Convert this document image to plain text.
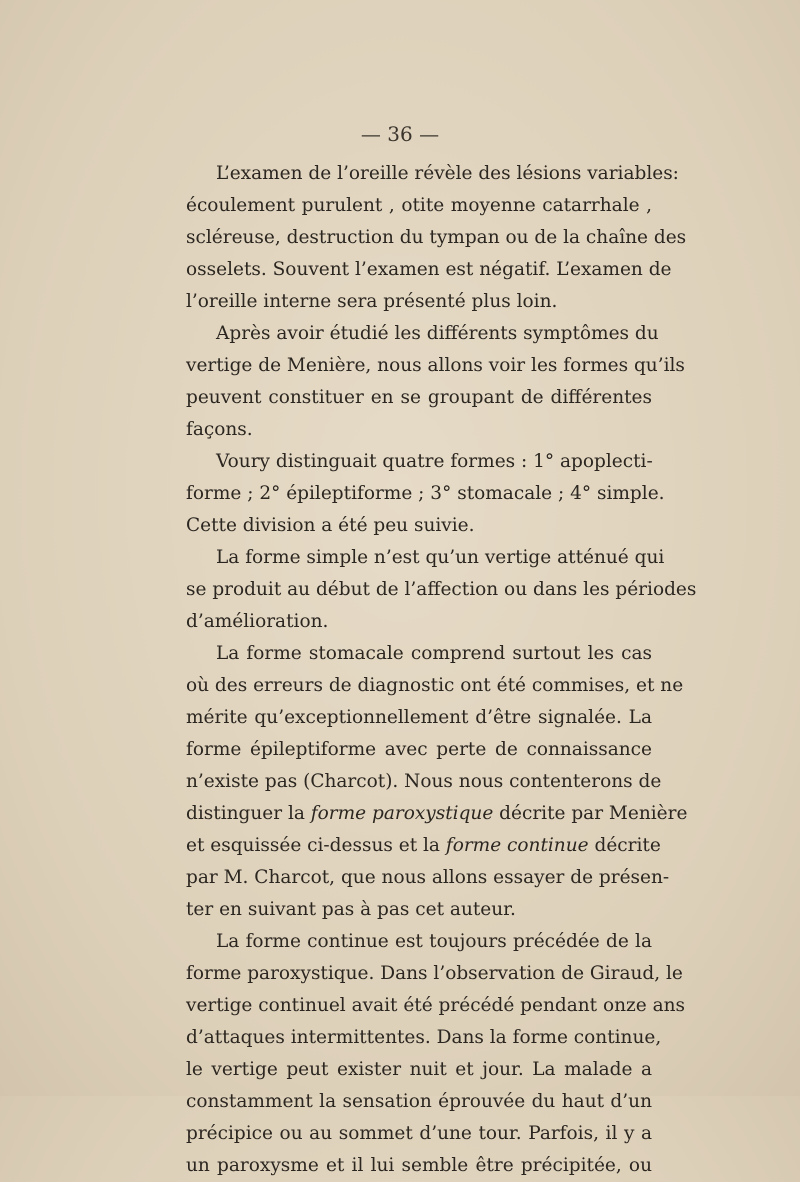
— 36 —
L’examen de l’oreille révèle des lésions variables:
écoulement purulent , otite moyenne catarrhale ,
scléreuse, destruction du tympan ou de la chaîne des
osselets. Souvent l’examen est négatif. L’examen de
l’oreille interne sera présenté plus loin.
Après avoir étudié les différents symptômes du
vertige de Menière, nous allons voir les formes qu’ils
peuvent constituer en se groupant de différentes
façons.
Voury distinguait quatre formes : 1° apoplecti-
forme ; 2° épileptiforme ; 3° stomacale ; 4° simple.
Cette division a été peu suivie.
La forme simple n’est qu’un vertige atténué qui
se produit au début de l’affection ou dans les périodes
d’amélioration.
La forme stomacale comprend surtout les cas
où des erreurs de diagnostic ont été commises, et ne
mérite qu’exceptionnellement d’être signalée. La
forme épileptiforme avec perte de connaissance
n’existe pas (Charcot). Nous nous contenterons de
distinguer la forme paroxystique décrite par Menière
et esquissée ci-dessus et la forme continue décrite
par M. Charcot, que nous allons essayer de présen-
ter en suivant pas à pas cet auteur.
La forme continue est toujours précédée de la
forme paroxystique. Dans l’observation de Giraud, le
vertige continuel avait été précédé pendant onze ans
d’attaques intermittentes. Dans la forme continue,
le vertige peut exister nuit et jour. La malade a
constamment la sensation éprouvée du haut d’un
précipice ou au sommet d’une tour. Parfois, il y a
un paroxysme et il lui semble être précipitée, ou
